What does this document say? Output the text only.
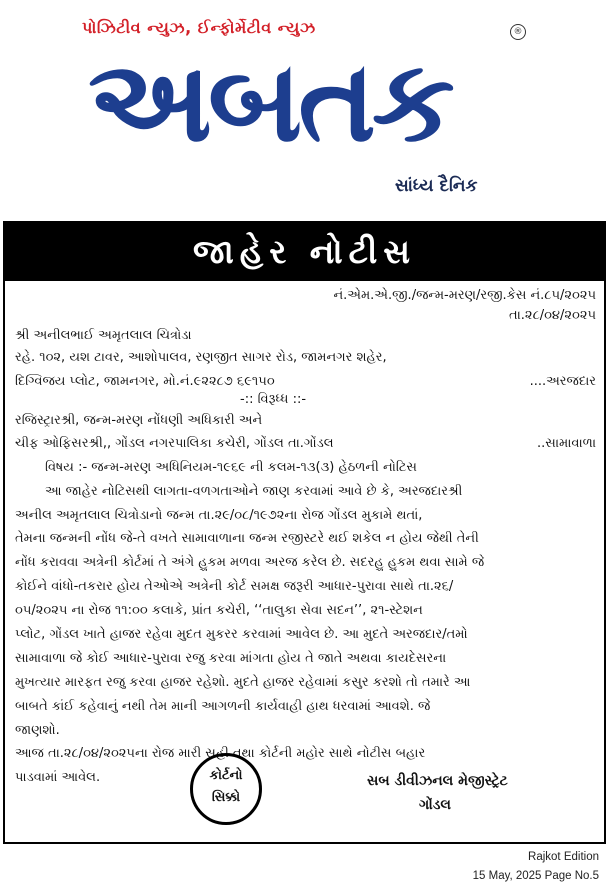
પોઝિટીવ ન્યુઝ, ઈન્ફોર્મેટીવ ન્યુઝ	®
અબતક
સાંધ્ય દૈનિક
જાહેર નોટીસ
નં.એમ.એ.જી./જન્મ-મરણ/રજી.કેસ નં.૮૫/૨૦૨૫
તા.૨૮/૦૪/૨૦૨૫
શ્રી અનીલભાઈ અમૃતલાલ ચિત્રોડા
રહે. ૧૦૨, યશ ટાવર, આશોપાલવ, રણજીત સાગર રોડ, જામનગર શહેર,
દિગ્વિજય પ્લોટ, જામનગર, મો.નં.૯૨૨૮૭ ૬૯૧૫૦	....અરજદાર
-:: વિરૂધ્ધ ::-
રજિસ્ટ્રારશ્રી, જન્મ-મરણ નોંધણી અધિકારી અને
ચીફ ઓફિસરશ્રી,, ગોંડલ નગરપાલિકા કચેરી, ગોંડલ તા.ગોંડલ	..સામાવાળા
વિષય :- જન્મ-મરણ અધિનિયમ-૧૯૬૯ ની કલમ-૧૩(૩) હેઠળની નોટિસ
આ જાહેર નોટિસથી લાગતા-વળગતાઓને જાણ કરવામાં આવે છે કે, અરજદારશ્રી
અનીલ અમૃતલાલ ચિત્રોડાનો જન્મ તા.૨૯/૦૮/૧૯૭૨ના રોજ ગોંડલ મુકામે થતાં,
તેમના જન્મની નોંધ જે-તે વખતે સામાવાળાના જન્મ રજીસ્ટરે થઈ શકેલ ન હોય જેથી તેની
નોંધ કરાવવા અત્રેની કોર્ટમાં તે અંગે હુકમ મળવા અરજ કરેલ છે. સદરહુ હુકમ થવા સામે જે
કોઈને વાંધો-તકરાર હોય તેઓએ અત્રેની કોર્ટ સમક્ષ જરૂરી આધાર-પુરાવા સાથે તા.૨૬/
૦૫/૨૦૨૫ ના રોજ ૧૧:૦૦ કલાકે, પ્રાંત કચેરી, ‘‘તાલુકા સેવા સદન’’, ૨૧-સ્ટેશન
પ્લોટ, ગોંડલ ખાતે હાજર રહેવા મુદત મુકરર કરવામાં આવેલ છે. આ મુદતે અરજદાર/તમો
સામાવાળા જે કોઈ આધાર-પુરાવા રજુ કરવા માંગતા હોય તે જાતે અથવા કાયદેસરના
મુખત્યાર મારફત રજુ કરવા હાજર રહેશો. મુદતે હાજર રહેવામાં કસુર કરશો તો તમારે આ
બાબતે કાંઈ કહેવાનું નથી તેમ માની આગળની કાર્યવાહી હાથ ધરવામાં આવશે. જે
જાણશો.
આજ તા.૨૮/૦૪/૨૦૨૫ના રોજ મારી સહી તથા કોર્ટની મહોર સાથે નોટીસ બહાર
પાડવામાં આવેલ.	કોર્ટનો
સિક્કો
સબ ડીવીઝનલ મેજીસ્ટ્રેટ
ગોંડલ
Rajkot Edition
15 May, 2025 Page No.5
